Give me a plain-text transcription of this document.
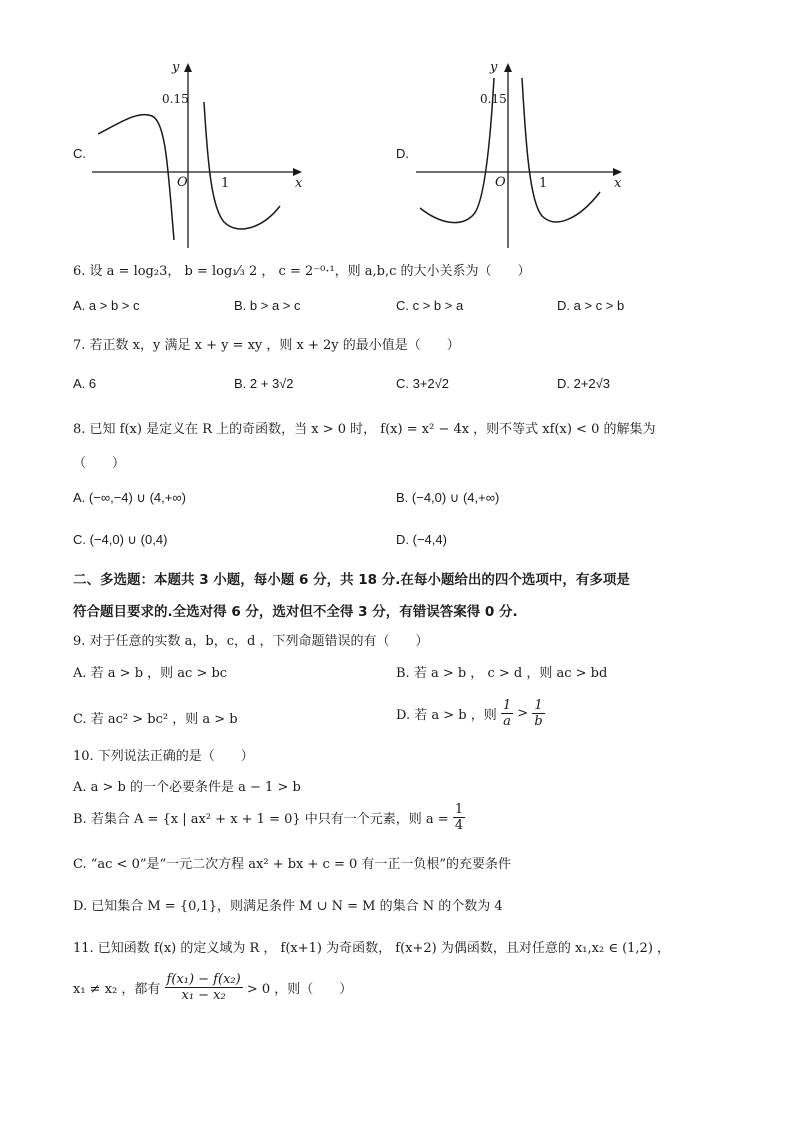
C.
y
0.15
O	1	x
D.
y
0.15
O	1	x
6. 设 a = log₂3， b = log₁⁄₃ 2 ， c = 2⁻⁰·¹，则 a,b,c 的大小关系为（　　）
A. a > b > c	B. b > a > c	C. c > b > a	D. a > c > b
7. 若正数 x，y 满足 x + y = xy ，则 x + 2y 的最小值是（　　）
A. 6	B. 2 + 3√2	C. 3+2√2	D. 2+2√3
8. 已知 f(x) 是定义在 R 上的奇函数，当 x > 0 时， f(x) = x² − 4x ，则不等式 xf(x) < 0 的解集为
（　　）
A. (−∞,−4) ∪ (4,+∞)	B. (−4,0) ∪ (4,+∞)
C. (−4,0) ∪ (0,4)	D. (−4,4)
二、多选题：本题共 3 小题，每小题 6 分，共 18 分.在每小题给出的四个选项中，有多项是
符合题目要求的.全选对得 6 分，选对但不全得 3 分，有错误答案得 0 分.
9. 对于任意的实数 a，b，c，d ，下列命题错误的有（　　）
A. 若 a > b ，则 ac > bc	B. 若 a > b ， c > d ，则 ac > bd
C. 若 ac² > bc² ，则 a > b	D. 若 a > b ，则 $\frac{1}{a} > \frac{1}{b}$
10. 下列说法正确的是（　　）
A. a > b 的一个必要条件是 a − 1 > b
B. 若集合 A = {x | ax² + x + 1 = 0} 中只有一个元素，则 $a = \frac{1}{4}$
C. “ac < 0”是“一元二次方程 ax² + bx + c = 0 有一正一负根”的充要条件
D. 已知集合 M = {0,1}，则满足条件 M ∪ N = M 的集合 N 的个数为 4
11. 已知函数 f(x) 的定义域为 R ， f(x+1) 为奇函数， f(x+2) 为偶函数，且对任意的 x₁,x₂ ∈ (1,2) ，
x₁ ≠ x₂ ，都有 $\frac{\text{f(x₁) − f(x₂)}}{\text{x₁ − x₂}} > 0$ ，则（　　）
